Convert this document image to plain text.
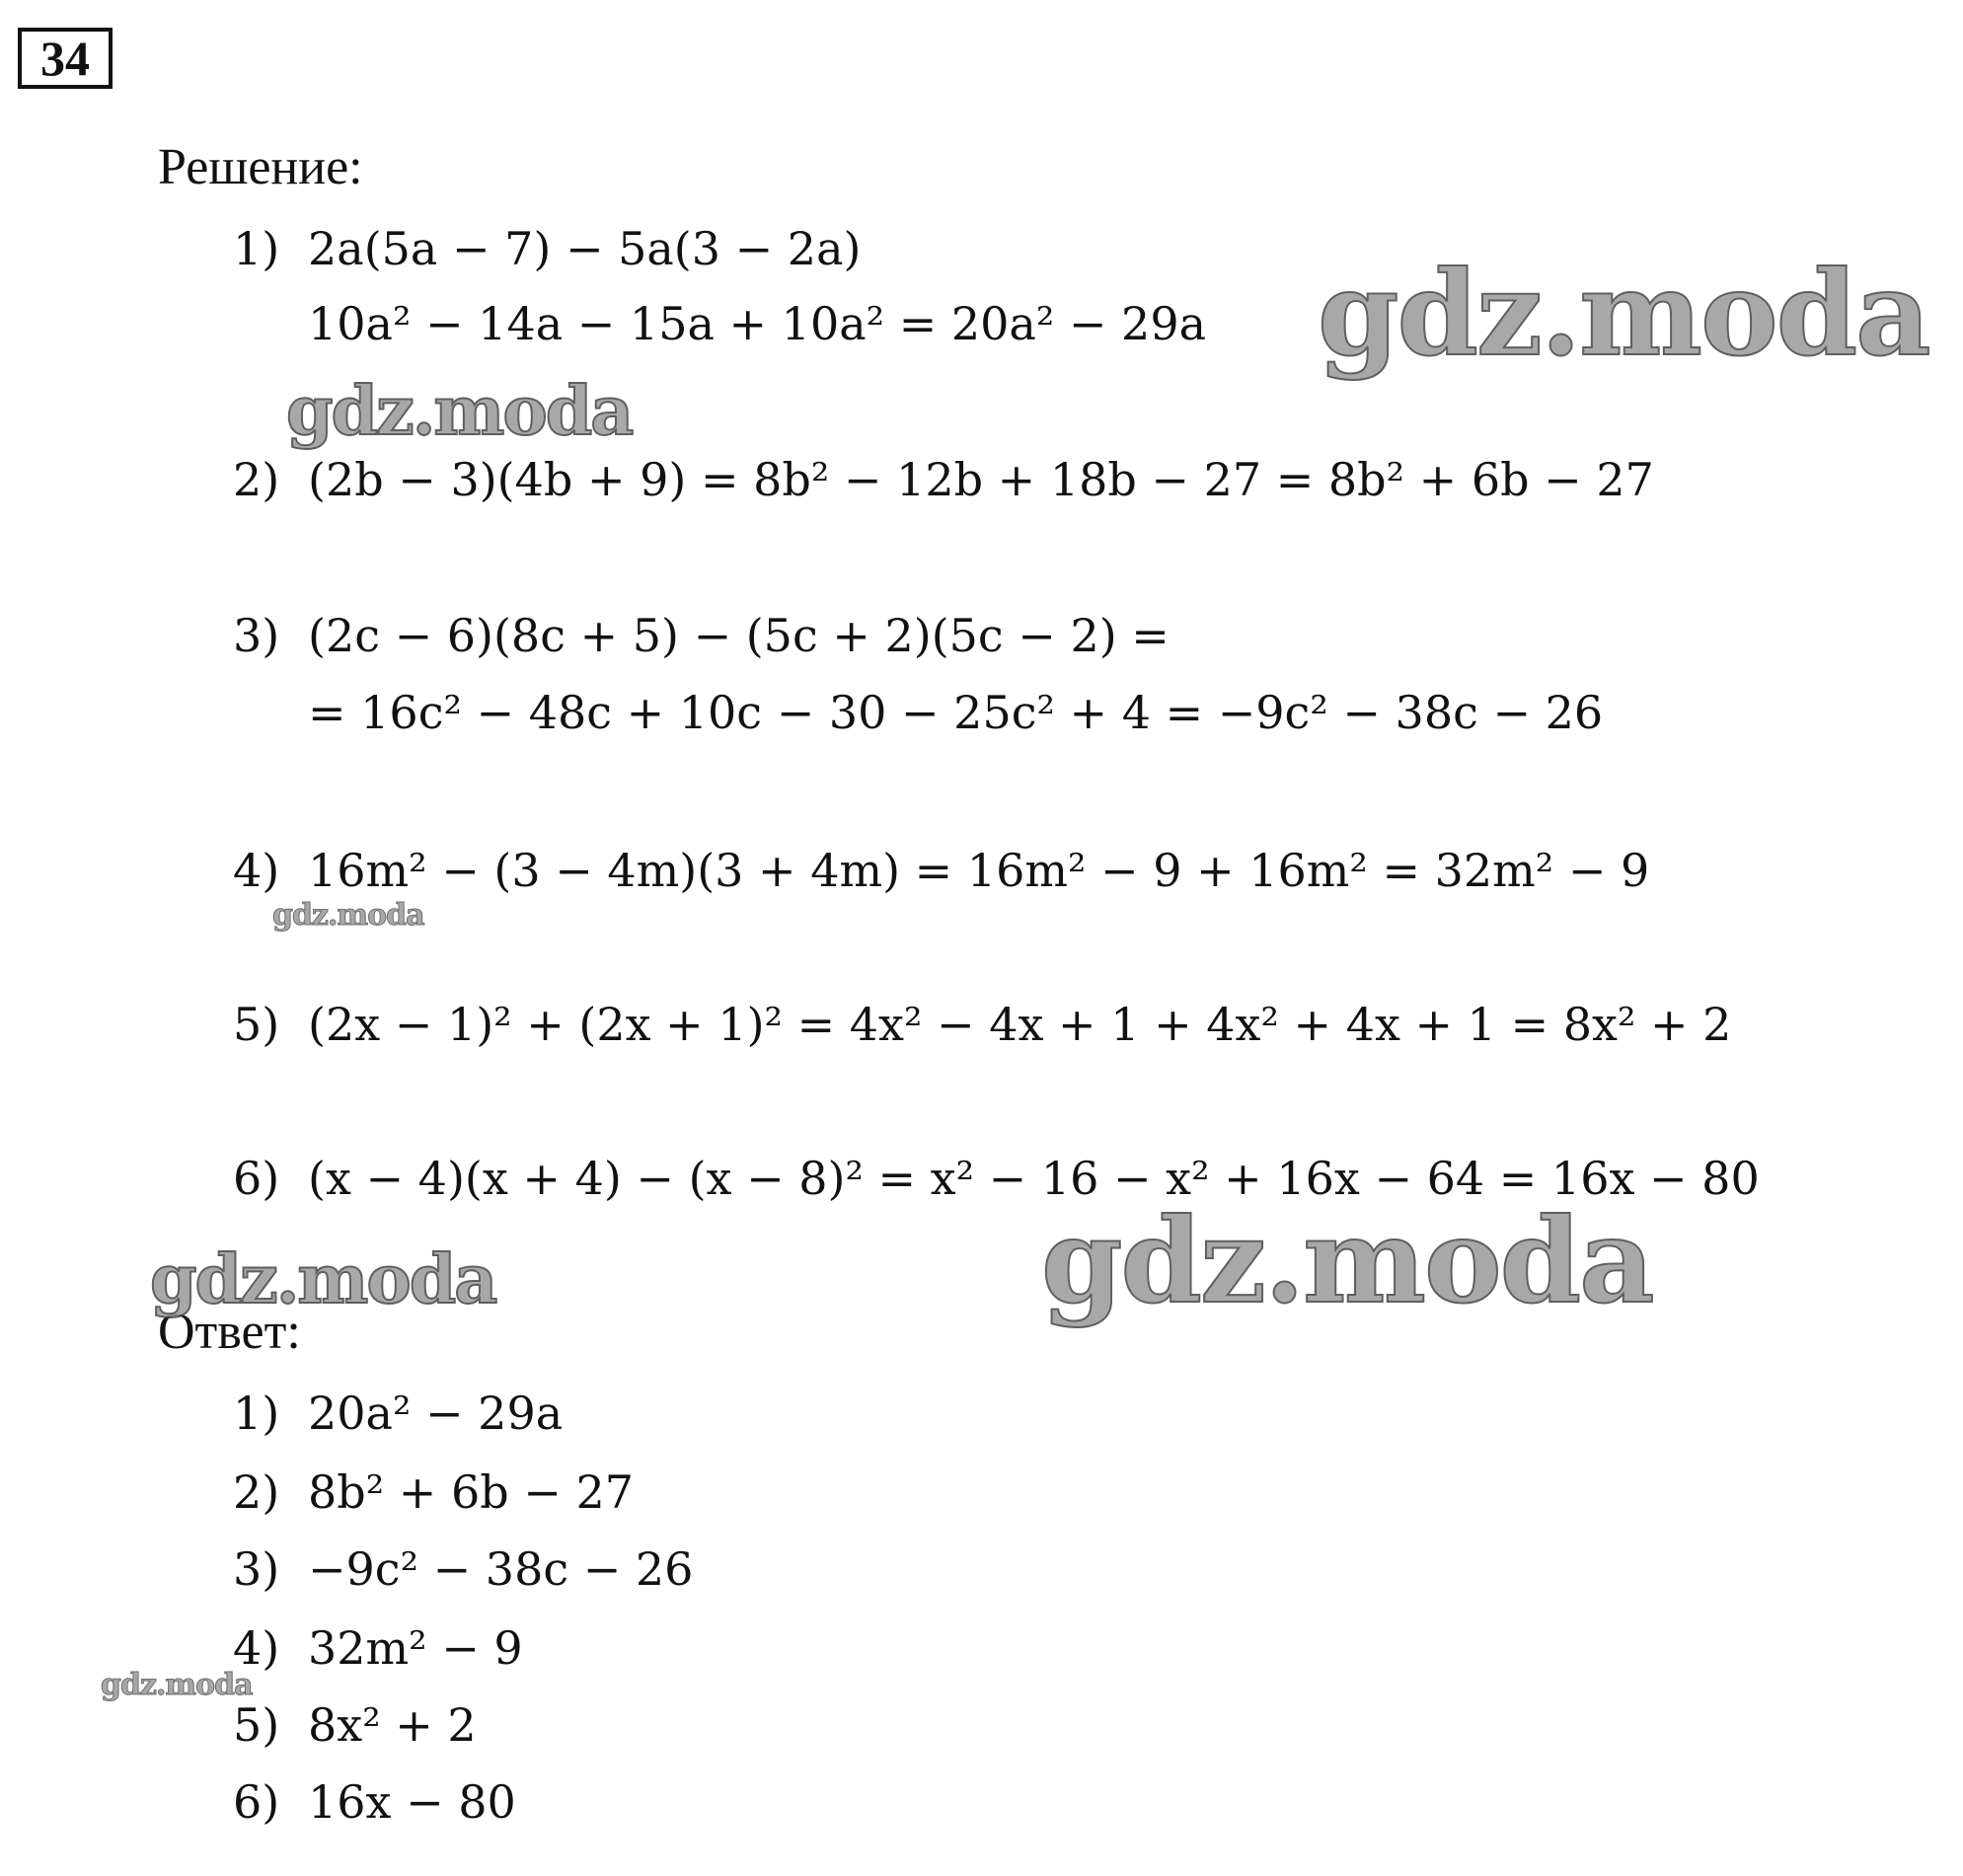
34
Решение:
1) 2a(5a − 7) − 5a(3 − 2a)
10a² − 14a − 15a + 10a² = 20a² − 29a
2) (2b − 3)(4b + 9) = 8b² − 12b + 18b − 27 = 8b² + 6b − 27
3) (2c − 6)(8c + 5) − (5c + 2)(5c − 2) =
= 16c² − 48c + 10c − 30 − 25c² + 4 = −9c² − 38c − 26
4) 16m² − (3 − 4m)(3 + 4m) = 16m² − 9 + 16m² = 32m² − 9
5) (2x − 1)² + (2x + 1)² = 4x² − 4x + 1 + 4x² + 4x + 1 = 8x² + 2
6) (x − 4)(x + 4) − (x − 8)² = x² − 16 − x² + 16x − 64 = 16x − 80
Ответ:
1) 20a² − 29a
2) 8b² + 6b − 27
3) −9c² − 38c − 26
4) 32m² − 9
5) 8x² + 2
6) 16x − 80
gdz.moda
gdz.moda
gdz.moda
gdz.moda	gdz.moda
gdz.moda
